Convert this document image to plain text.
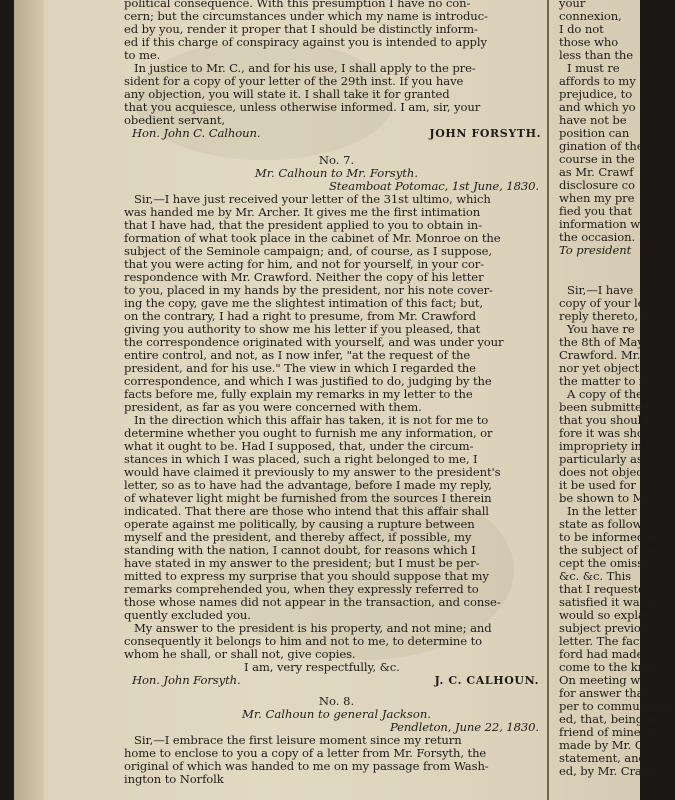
political consequence. With this presumption I have no con-
cern; but the circumstances under which my name is introduc-
ed by you, render it proper that I should be distinctly inform-
ed if this charge of conspiracy against you is intended to apply
to me.
In justice to Mr. C., and for his use, I shall apply to the pre-
sident for a copy of your letter of the 29th inst. If you have
any objection, you will state it. I shall take it for granted
that you acquiesce, unless otherwise informed. I am, sir, your
obedient servant,
Hon. John C. Calhoun.	JOHN FORSYTH.
No. 7.
Mr. Calhoun to Mr. Forsyth.
Steamboat Potomac, 1st June, 1830.
Sir,—I have just received your letter of the 31st ultimo, which
was handed me by Mr. Archer. It gives me the first intimation
that I have had, that the president applied to you to obtain in-
formation of what took place in the cabinet of Mr. Monroe on the
subject of the Seminole campaign; and, of course, as I suppose,
that you were acting for him, and not for yourself, in your cor-
respondence with Mr. Crawford. Neither the copy of his letter
to you, placed in my hands by the president, nor his note cover-
ing the copy, gave me the slightest intimation of this fact; but,
on the contrary, I had a right to presume, from Mr. Crawford
giving you authority to show me his letter if you pleased, that
the correspondence originated with yourself, and was under your
entire control, and not, as I now infer, "at the request of the
president, and for his use." The view in which I regarded the
correspondence, and which I was justified to do, judging by the
facts before me, fully explain my remarks in my letter to the
president, as far as you were concerned with them.
In the direction which this affair has taken, it is not for me to
determine whether you ought to furnish me any information, or
what it ought to be. Had I supposed, that, under the circum-
stances in which I was placed, such a right belonged to me, I
would have claimed it previously to my answer to the president's
letter, so as to have had the advantage, before I made my reply,
of whatever light might be furnished from the sources I therein
indicated. That there are those who intend that this affair shall
operate against me politically, by causing a rupture between
myself and the president, and thereby affect, if possible, my
standing with the nation, I cannot doubt, for reasons which I
have stated in my answer to the president; but I must be per-
mitted to express my surprise that you should suppose that my
remarks comprehended you, when they expressly referred to
those whose names did not appear in the transaction, and conse-
quently excluded you.
My answer to the president is his property, and not mine; and
consequently it belongs to him and not to me, to determine to
whom he shall, or shall not, give copies.
I am, very respectfully, &c.
Hon. John Forsyth.	J. C. CALHOUN.
No. 8.
Mr. Calhoun to general Jackson.
Pendleton, June 22, 1830.
Sir,—I embrace the first leisure moment since my return
home to enclose to you a copy of a letter from Mr. Forsyth, the
original of which was handed to me on my passage from Wash-
ington to Norfolk
your
connexion,
I do not
those who
less than the
I must re
affords to my
prejudice, to
and which yo
have not be
position can
gination of the
course in the
as Mr. Crawf
disclosure co
when my pre
fied you that
information w
the occasion.
To president
Sir,—I have
copy of your le
reply thereto, a
You have re
the 8th of May
Crawford. Mr.
nor yet object
the matter to m
A copy of the
been submitted
that you should
fore it was show
impropriety in t
particularly as,
does not object.
it be used for
be shown to Mr.
In the letter
state as follows,
to be informed w
the subject of the
cept the omissio
&c. &c. This
that I requested
satisfied it was n
would so explain
subject previous
letter. The facts
ford had made a
come to the know
On meeting with
for answer that he
per to communicate
ed, that, being in
friend of mine, m
made by Mr. Cra
statement, and dis
ed, by Mr. Crawf
